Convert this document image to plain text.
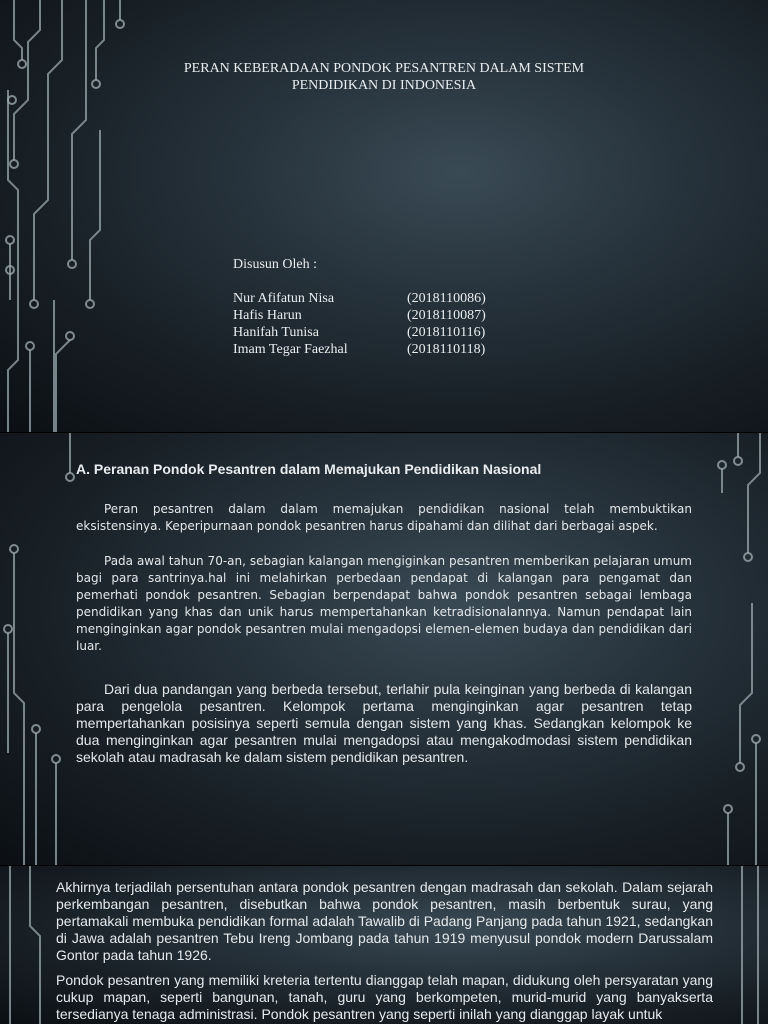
PERAN KEBERADAAN PONDOK PESANTREN DALAM SISTEM
PENDIDIKAN DI INDONESIA
Disusun Oleh :
Nur Afifatun Nisa	(2018110086)
Hafis Harun	(2018110087)
Hanifah Tunisa	(2018110116)
Imam Tegar Faezhal	(2018110118)
A. Peranan Pondok Pesantren dalam Memajukan Pendidikan Nasional
Peran pesantren dalam dalam memajukan pendidikan nasional telah membuktikan eksistensinya. Keperipurnaan pondok pesantren harus dipahami dan dilihat dari berbagai aspek.
Pada awal tahun 70-an, sebagian kalangan mengiginkan pesantren memberikan pelajaran umum bagi para santrinya.hal ini melahirkan perbedaan pendapat di kalangan para pengamat dan pemerhati pondok pesantren. Sebagian berpendapat bahwa pondok pesantren sebagai lembaga pendidikan yang khas dan unik harus mempertahankan ketradisionalannya. Namun pendapat lain menginginkan agar pondok pesantren mulai mengadopsi elemen-elemen budaya dan pendidikan dari luar.
Dari dua pandangan yang berbeda tersebut, terlahir pula keinginan yang berbeda di kalangan para pengelola pesantren. Kelompok pertama menginginkan agar pesantren tetap mempertahankan posisinya seperti semula dengan sistem yang khas. Sedangkan kelompok ke dua menginginkan agar pesantren mulai mengadopsi atau mengakodmodasi sistem pendidikan sekolah atau madrasah ke dalam sistem pendidikan pesantren.
Akhirnya terjadilah persentuhan antara pondok pesantren dengan madrasah dan sekolah. Dalam sejarah perkembangan pesantren, disebutkan bahwa pondok pesantren, masih berbentuk surau, yang pertamakali membuka pendidikan formal adalah Tawalib di Padang Panjang pada tahun 1921, sedangkan di Jawa adalah pesantren Tebu Ireng Jombang pada tahun 1919 menyusul pondok modern Darussalam Gontor pada tahun 1926.
Pondok pesantren yang memiliki kreteria tertentu dianggap telah mapan, didukung oleh persyaratan yang cukup mapan, seperti bangunan, tanah, guru yang berkompeten, murid-murid yang banyakserta tersedianya tenaga administrasi. Pondok pesantren yang seperti inilah yang dianggap layak untuk
